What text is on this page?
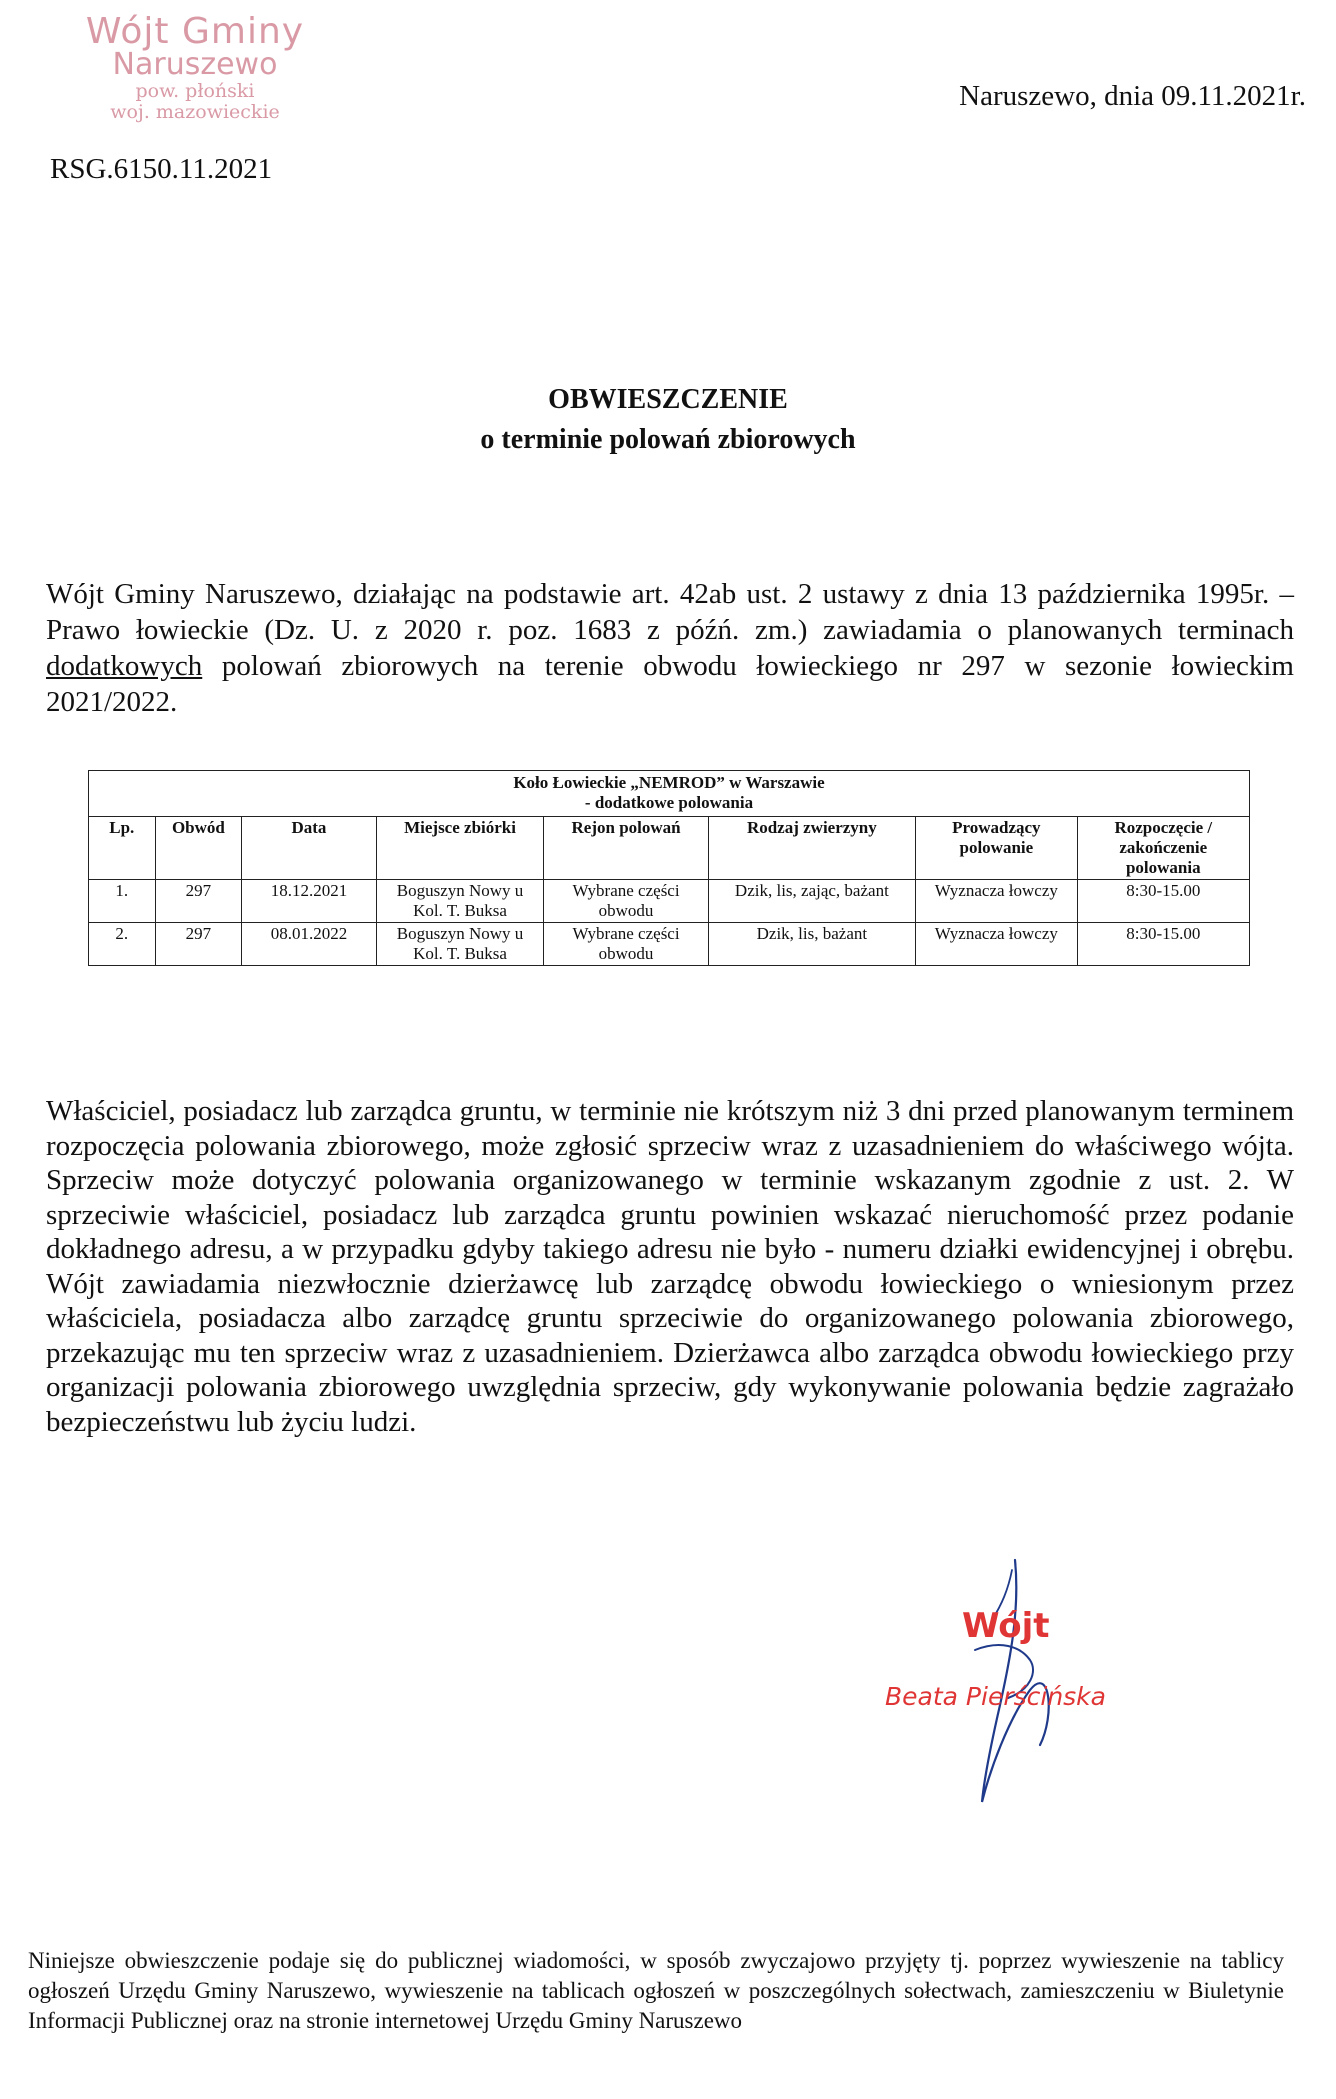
Wójt Gminy
Naruszewo
pow. płoński
woj. mazowieckie	Naruszewo, dnia 09.11.2021r.
RSG.6150.11.2021
OBWIESZCZENIE
o terminie polowań zbiorowych
Wójt Gminy Naruszewo, działając na podstawie art. 42ab ust. 2 ustawy z dnia 13 października 1995r. – Prawo łowieckie (Dz. U. z 2020 r. poz. 1683 z późń. zm.) zawiadamia o planowanych terminach dodatkowych polowań zbiorowych na terenie obwodu łowieckiego nr 297 w sezonie łowieckim 2021/2022.
Koło Łowieckie „NEMROD” w Warszawie
- dodatkowe polowania							

Lp.	Obwód	Data	Miejsce zbiórki	Rejon polowań	Rodzaj zwierzyny	Prowadzący polowanie	Rozpoczęcie / zakończenie polowania
1.	297	18.12.2021	Boguszyn Nowy u Kol. T. Buksa	Wybrane części obwodu	Dzik, lis, zając, bażant	Wyznacza łowczy	8:30-15.00
2.	297	08.01.2022	Boguszyn Nowy u Kol. T. Buksa	Wybrane części obwodu	Dzik, lis, bażant	Wyznacza łowczy	8:30-15.00
Właściciel, posiadacz lub zarządca gruntu, w terminie nie krótszym niż 3 dni przed planowanym terminem rozpoczęcia polowania zbiorowego, może zgłosić sprzeciw wraz z uzasadnieniem do właściwego wójta. Sprzeciw może dotyczyć polowania organizowanego w terminie wskazanym zgodnie z ust. 2. W sprzeciwie właściciel, posiadacz lub zarządca gruntu powinien wskazać nieruchomość przez podanie dokładnego adresu, a w przypadku gdyby takiego adresu nie było - numeru działki ewidencyjnej i obrębu. Wójt zawiadamia niezwłocznie dzierżawcę lub zarządcę obwodu łowieckiego o wniesionym przez właściciela, posiadacza albo zarządcę gruntu sprzeciwie do organizowanego polowania zbiorowego, przekazując mu ten sprzeciw wraz z uzasadnieniem. Dzierżawca albo zarządca obwodu łowieckiego przy organizacji polowania zbiorowego uwzględnia sprzeciw, gdy wykonywanie polowania będzie zagrażało bezpieczeństwu lub życiu ludzi.
Wójt
Beata Pierścińska
Niniejsze obwieszczenie podaje się do publicznej wiadomości, w sposób zwyczajowo przyjęty tj. poprzez wywieszenie na tablicy ogłoszeń Urzędu Gminy Naruszewo, wywieszenie na tablicach ogłoszeń w poszczególnych sołectwach, zamieszczeniu w Biuletynie Informacji Publicznej oraz na stronie internetowej Urzędu Gminy Naruszewo
